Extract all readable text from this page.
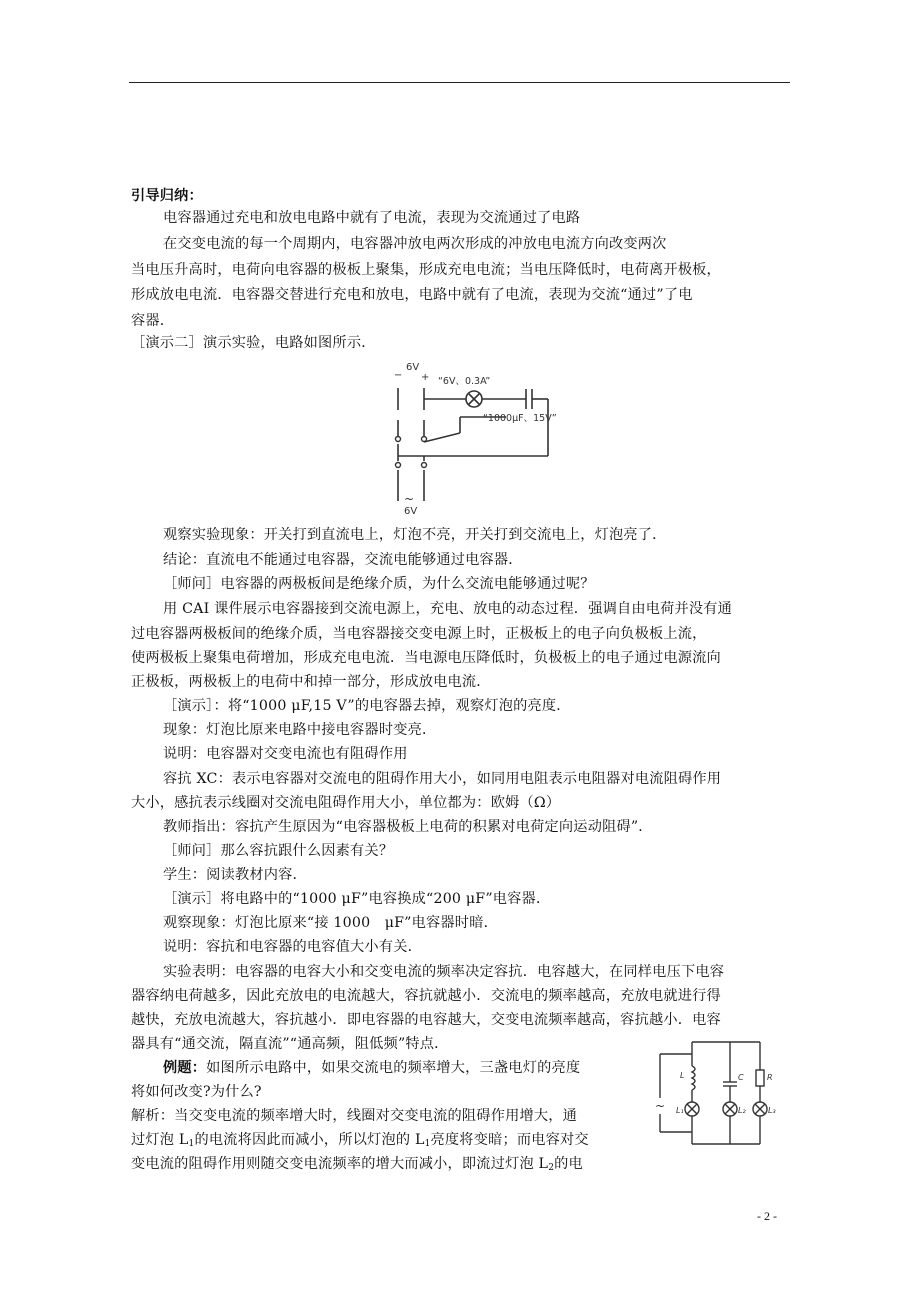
引导归纳：
电容器通过充电和放电电路中就有了电流，表现为交流通过了电路
在交变电流的每一个周期内，电容器冲放电两次形成的冲放电电流方向改变两次
当电压升高时，电荷向电容器的极板上聚集，形成充电电流；当电压降低时，电荷离开极板，
形成放电电流．电容器交替进行充电和放电，电路中就有了电流，表现为交流“通过”了电
容器．
［演示二］演示实验，电路如图所示．
−
6V
+ “6V、0.3A”
“1000μF、15V”
~
6V
观察实验现象：开关打到直流电上，灯泡不亮，开关打到交流电上，灯泡亮了．
结论：直流电不能通过电容器，交流电能够通过电容器．
［师问］电容器的两极板间是绝缘介质，为什么交流电能够通过呢？
用 CAI 课件展示电容器接到交流电源上，充电、放电的动态过程．强调自由电荷并没有通
过电容器两极板间的绝缘介质，当电容器接交变电源上时，正极板上的电子向负极板上流，
使两极板上聚集电荷增加，形成充电电流．当电源电压降低时，负极板上的电子通过电源流向
正极板，两极板上的电荷中和掉一部分，形成放电电流．
［演示］：将“1000 μF,15 V”的电容器去掉，观察灯泡的亮度．
现象：灯泡比原来电路中接电容器时变亮．
说明：电容器对交变电流也有阻碍作用
容抗 XC：表示电容器对交流电的阻碍作用大小，如同用电阻表示电阻器对电流阻碍作用
大小，感抗表示线圈对交流电阻碍作用大小，单位都为：欧姆（Ω）
教师指出：容抗产生原因为“电容器极板上电荷的积累对电荷定向运动阻碍”．
［师问］那么容抗跟什么因素有关？
学生：阅读教材内容．
［演示］将电路中的“1000 μF”电容换成“200 μF”电容器．
观察现象：灯泡比原来“接 1000　μF”电容器时暗．
说明：容抗和电容器的电容值大小有关．
实验表明：电容器的电容大小和交变电流的频率决定容抗．电容越大，在同样电压下电容
器容纳电荷越多，因此充放电的电流越大，容抗就越小．交流电的频率越高，充放电就进行得
越快，充放电流越大，容抗越小．即电容器的电容越大，交变电流频率越高，容抗越小．电容
器具有“通交流，隔直流”“通高频，阻低频”特点．
例题：如图所示电路中，如果交流电的频率增大，三盏电灯的亮度
将如何改变?为什么?
解析：当交变电流的频率增大时，线圈对交变电流的阻碍作用增大，通
过灯泡 $L_1$的电流将因此而减小，所以灯泡的 $L_1$亮度将变暗；而电容对交
变电流的阻碍作用则随交变电流频率的增大而减小，即流过灯泡 $L_2$的电
~
L	C	R
L₁	L₂	L₃
- 2 -
